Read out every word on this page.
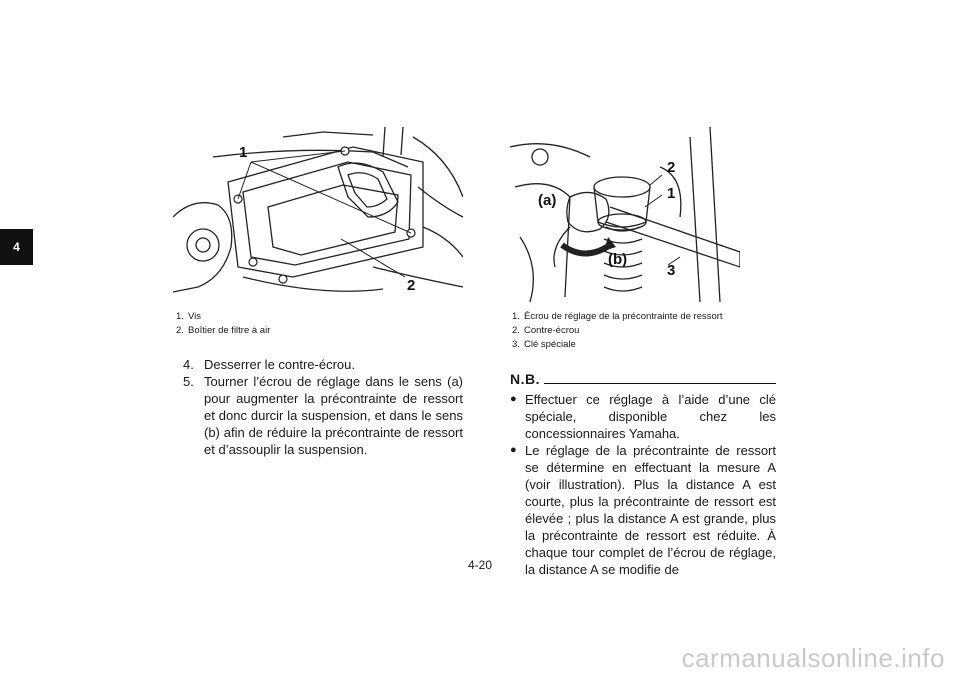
4
1
2
2
1
(a)
(b)
3
1. Vis
2. Boîtier de filtre à air
1. Écrou de réglage de la précontrainte de ressort
2. Contre-écrou
3. Clé spéciale
4. Desserrer le contre-écrou.
5. Tourner l’écrou de réglage dans le sens (a) pour augmenter la précontrainte de ressort et donc durcir la suspension, et dans le sens (b) afin de réduire la précontrainte de ressort et d’assouplir la suspension.
N.B.
● Effectuer ce réglage à l’aide d’une clé spéciale, disponible chez les concessionnaires Yamaha.
● Le réglage de la précontrainte de ressort se détermine en effectuant la mesure A (voir illustration). Plus la distance A est courte, plus la précontrainte de ressort est élevée ; plus la distance A est grande, plus la précontrainte de ressort est réduite. À chaque tour complet de l’écrou de réglage, la distance A se modifie de
4-20
carmanualsonline.info
